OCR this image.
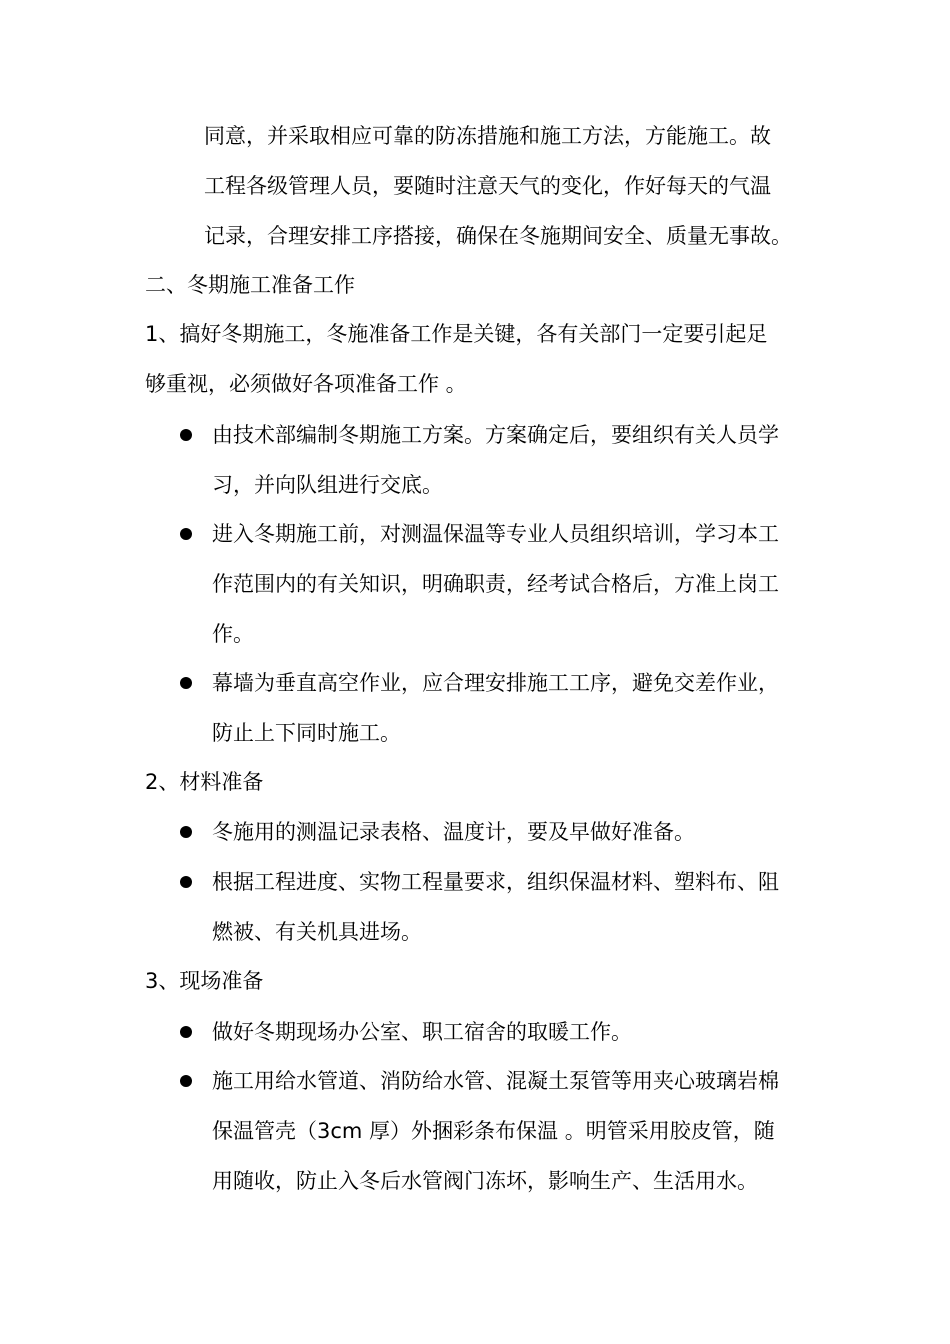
同意，并采取相应可靠的防冻措施和施工方法，方能施工。故
工程各级管理人员，要随时注意天气的变化，作好每天的气温
记录，合理安排工序搭接，确保在冬施期间安全、质量无事故。
二、冬期施工准备工作
1、搞好冬期施工，冬施准备工作是关键，各有关部门一定要引起足
够重视，必须做好各项准备工作 。
由技术部编制冬期施工方案。方案确定后，要组织有关人员学
习，并向队组进行交底。
进入冬期施工前，对测温保温等专业人员组织培训，学习本工
作范围内的有关知识，明确职责，经考试合格后，方准上岗工
作。
幕墙为垂直高空作业，应合理安排施工工序，避免交差作业，
防止上下同时施工。
2、材料准备
冬施用的测温记录表格、温度计，要及早做好准备。
根据工程进度、实物工程量要求，组织保温材料、塑料布、阻
燃被、有关机具进场。
3、现场准备
做好冬期现场办公室、职工宿舍的取暖工作。
施工用给水管道、消防给水管、混凝土泵管等用夹心玻璃岩棉
保温管壳（3cm 厚）外捆彩条布保温 。明管采用胶皮管，随
用随收，防止入冬后水管阀门冻坏，影响生产、生活用水。
